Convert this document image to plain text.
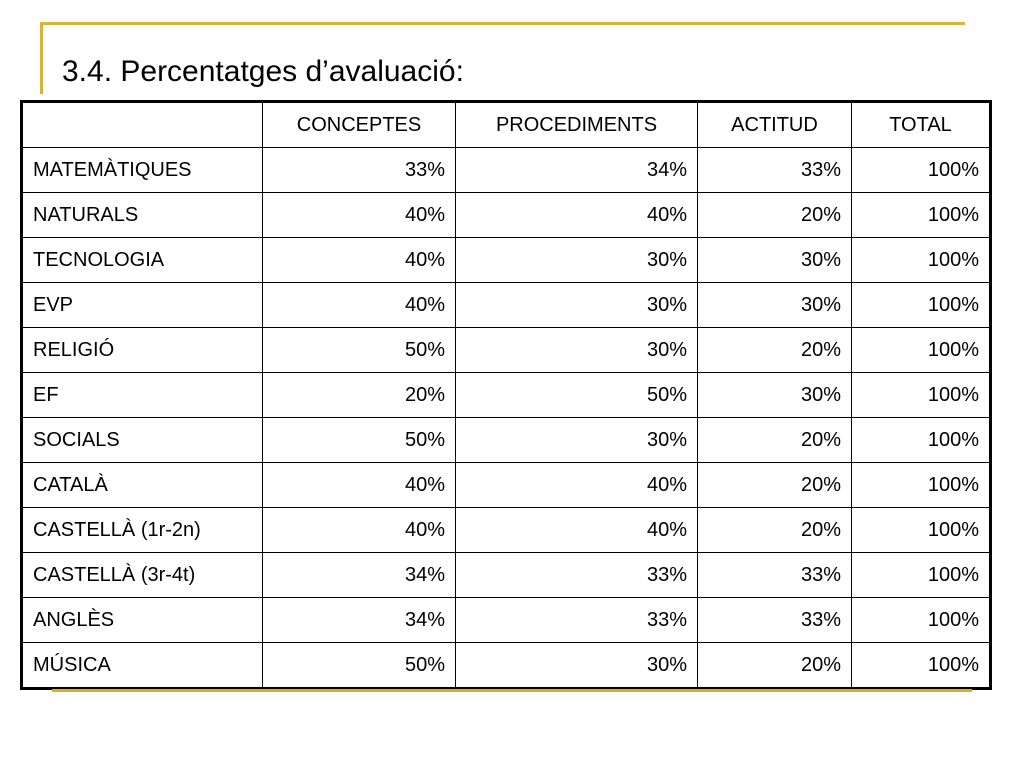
3.4. Percentatges d’avaluació:
	CONCEPTES	PROCEDIMENTS	ACTITUD	TOTAL
MATEMÀTIQUES	33%	34%	33%	100%
NATURALS	40%	40%	20%	100%
TECNOLOGIA	40%	30%	30%	100%
EVP	40%	30%	30%	100%
RELIGIÓ	50%	30%	20%	100%
EF	20%	50%	30%	100%
SOCIALS	50%	30%	20%	100%
CATALÀ	40%	40%	20%	100%
CASTELLÀ (1r-2n)	40%	40%	20%	100%
CASTELLÀ (3r-4t)	34%	33%	33%	100%
ANGLÈS	34%	33%	33%	100%
MÚSICA	50%	30%	20%	100%
